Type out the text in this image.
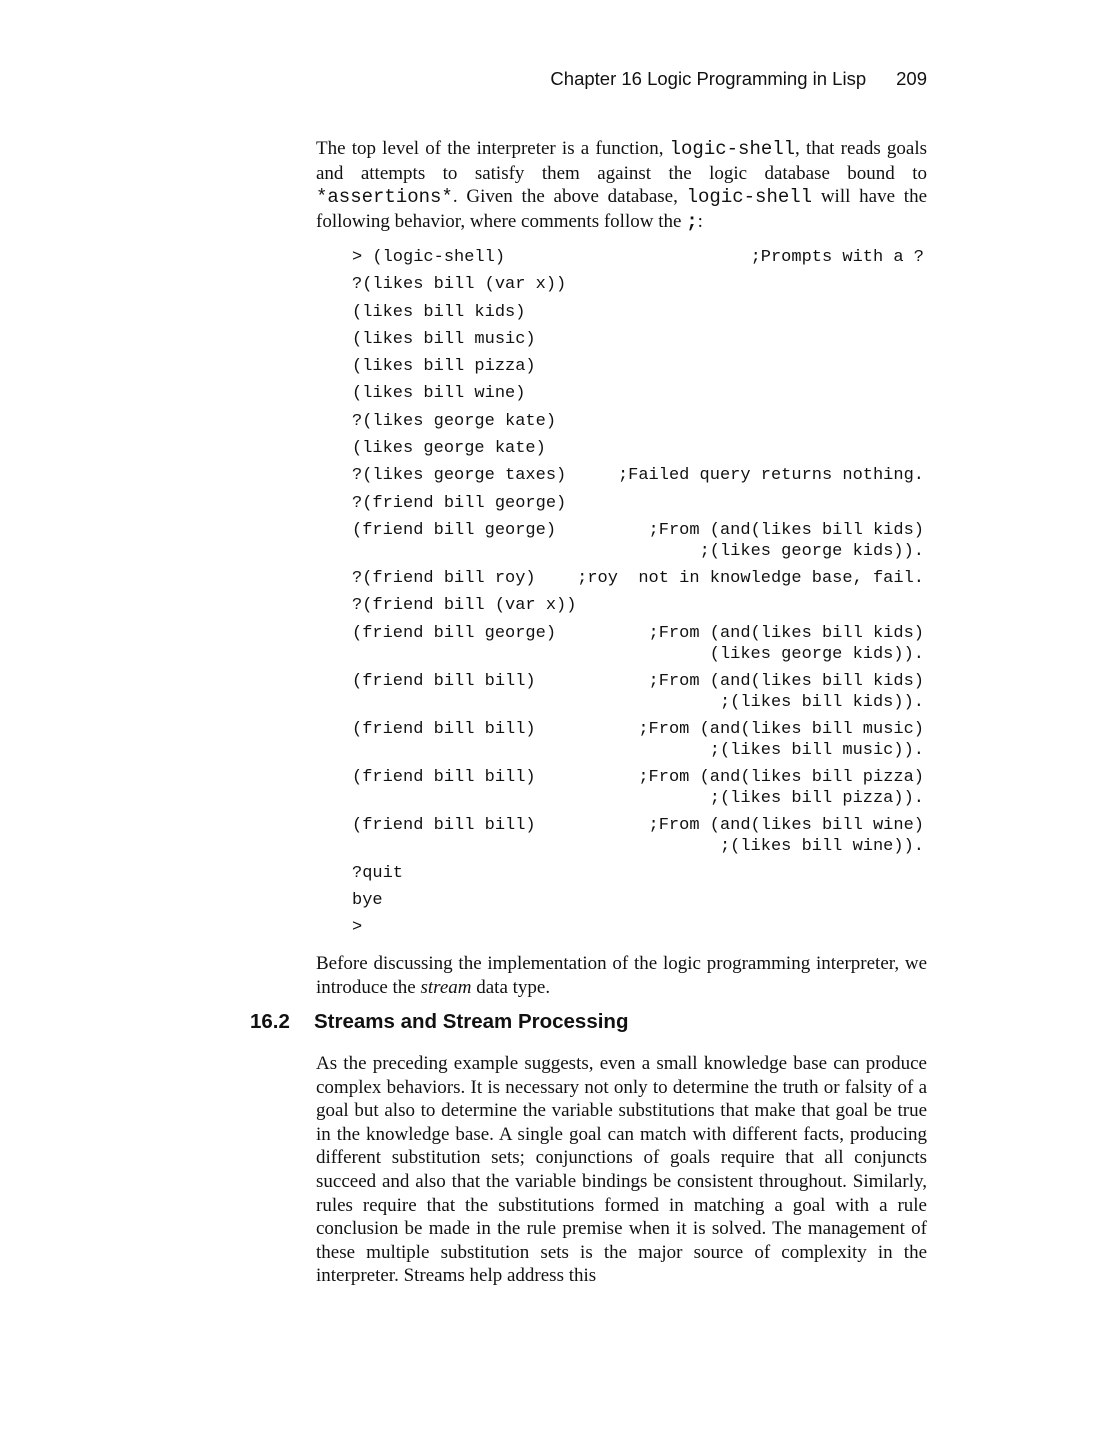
Chapter 16 Logic Programming in Lisp 209
The top level of the interpreter is a function, logic-shell, that reads goals and attempts to satisfy them against the logic database bound to *assertions*. Given the above database, logic-shell will have the following behavior, where comments follow the ;:
> (logic-shell)	;Prompts with a ?
?(likes bill (var x))
(likes bill kids)
(likes bill music)
(likes bill pizza)
(likes bill wine)
?(likes george kate)
(likes george kate)
?(likes george taxes)	;Failed query returns nothing.
?(friend bill george)
(friend bill george)	;From (and(likes bill kids)
;(likes george kids)).
?(friend bill roy) ;roy  not in knowledge base, fail.
?(friend bill (var x))
(friend bill george)	;From (and(likes bill kids)
(likes george kids)).
(friend bill bill)	;From (and(likes bill kids)
;(likes bill kids)).
(friend bill bill)	;From (and(likes bill music)
;(likes bill music)).
(friend bill bill)	;From (and(likes bill pizza)
;(likes bill pizza)).
(friend bill bill)	;From (and(likes bill wine)
;(likes bill wine)).
?quit
bye
>
Before discussing the implementation of the logic programming interpreter, we introduce the stream data type.
16.2 Streams and Stream Processing
As the preceding example suggests, even a small knowledge base can produce complex behaviors. It is necessary not only to determine the truth or falsity of a goal but also to determine the variable substitutions that make that goal be true in the knowledge base. A single goal can match with different facts, producing different substitution sets; conjunctions of goals require that all conjuncts succeed and also that the variable bindings be consistent throughout. Similarly, rules require that the substitutions formed in matching a goal with a rule conclusion be made in the rule premise when it is solved. The management of these multiple substitution sets is the major source of complexity in the interpreter. Streams help address this
